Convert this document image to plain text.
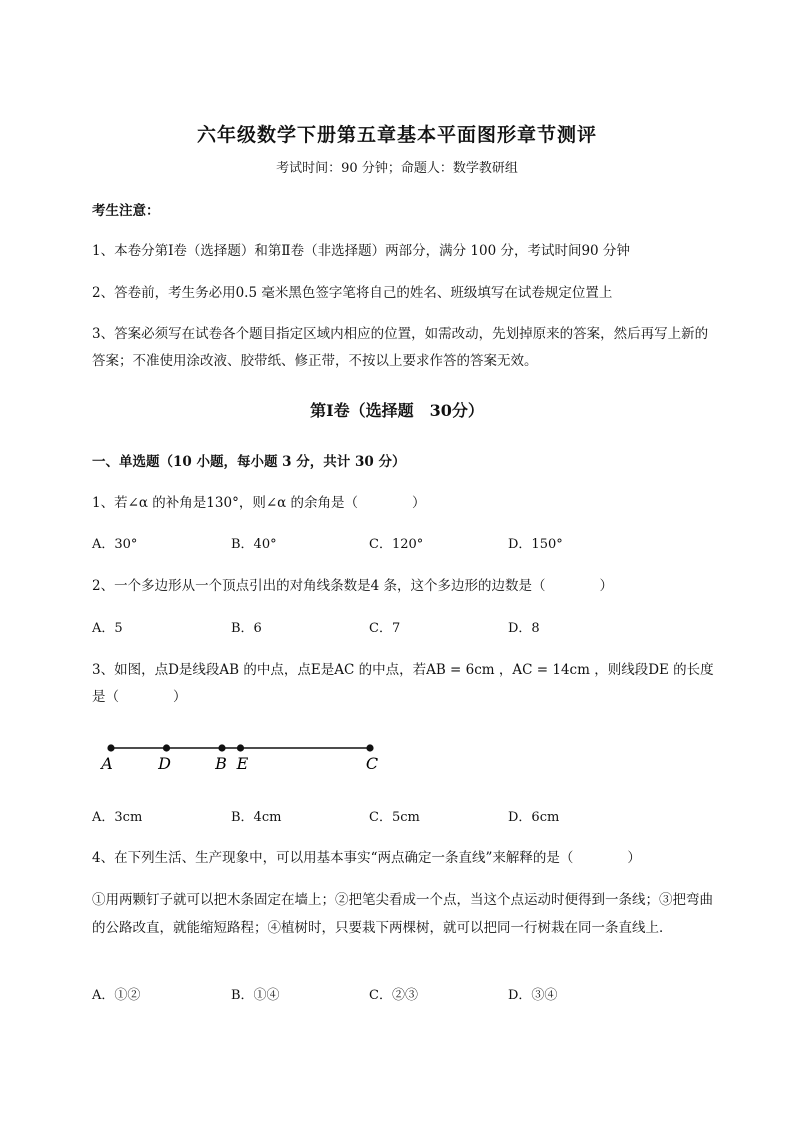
六年级数学下册第五章基本平面图形章节测评
考试时间：90 分钟；命题人：数学教研组
考生注意：
1、本卷分第Ⅰ卷（选择题）和第Ⅱ卷（非选择题）两部分，满分 100 分，考试时间90 分钟
2、答卷前，考生务必用0.5 毫米黑色签字笔将自己的姓名、班级填写在试卷规定位置上
3、答案必须写在试卷各个题目指定区域内相应的位置，如需改动，先划掉原来的答案，然后再写上新的答案；不准使用涂改液、胶带纸、修正带，不按以上要求作答的答案无效。
第Ⅰ卷（选择题　30分）
一、单选题（10 小题，每小题 3 分，共计 30 分）
1、若∠α 的补角是130°，则∠α 的余角是（　　　　）
A．30°	B．40°	C．120°	D．150°
2、一个多边形从一个顶点引出的对角线条数是4 条，这个多边形的边数是（　　　　）
A．5	B．6	C．7	D．8
3、如图，点D是线段AB 的中点，点E是AC 的中点，若AB = 6cm ，AC = 14cm ，则线段DE 的长度是（　　　　）
A	D	B E	C
A．3cm	B．4cm	C．5cm	D．6cm
4、在下列生活、生产现象中，可以用基本事实“两点确定一条直线”来解释的是（　　　　）
①用两颗钉子就可以把木条固定在墙上；②把笔尖看成一个点，当这个点运动时便得到一条线；③把弯曲的公路改直，就能缩短路程；④植树时，只要栽下两棵树，就可以把同一行树栽在同一条直线上．
A．①②	B．①④	C．②③	D．③④
